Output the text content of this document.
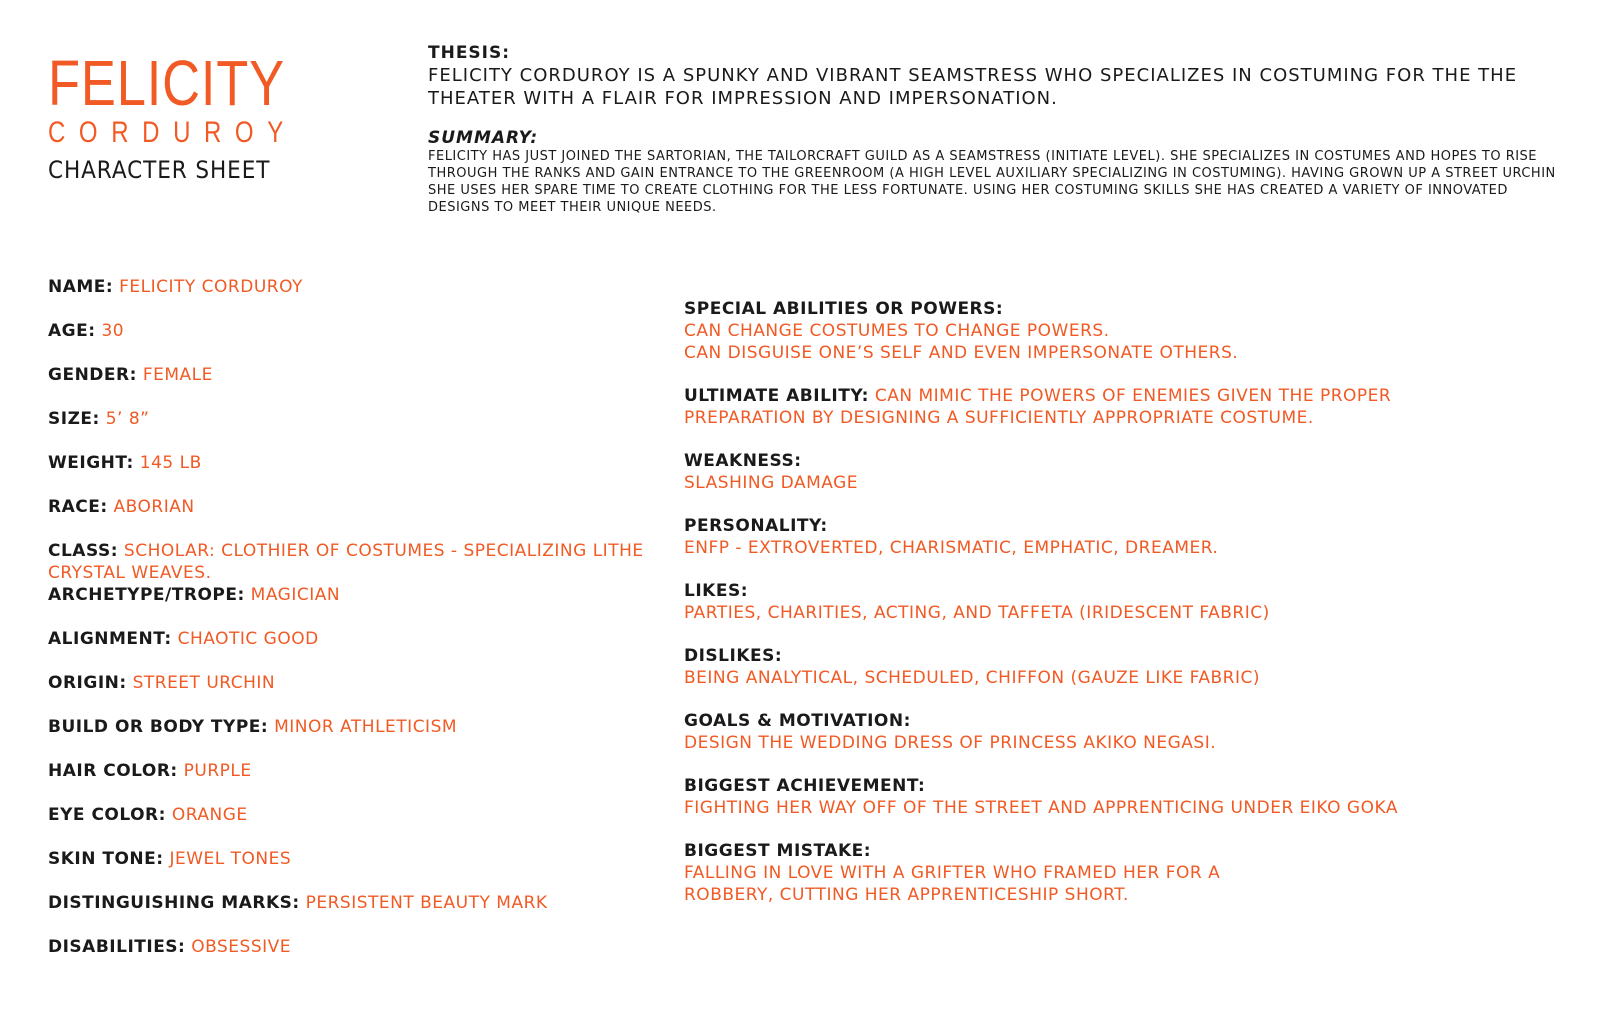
FELICITY
CORDUROY
CHARACTER SHEET
THESIS:
FELICITY CORDUROY IS A SPUNKY AND VIBRANT SEAMSTRESS WHO SPECIALIZES IN COSTUMING FOR THE THE THEATER WITH A FLAIR FOR IMPRESSION AND IMPERSONATION.
SUMMARY:
FELICITY HAS JUST JOINED THE SARTORIAN, THE TAILORCRAFT GUILD AS A SEAMSTRESS (INITIATE LEVEL). SHE SPECIALIZES IN COSTUMES AND HOPES TO RISE THROUGH THE RANKS AND GAIN ENTRANCE TO THE GREENROOM (A HIGH LEVEL AUXILIARY SPECIALIZING IN COSTUMING). HAVING GROWN UP A STREET URCHIN SHE USES HER SPARE TIME TO CREATE CLOTHING FOR THE LESS FORTUNATE. USING HER COSTUMING SKILLS SHE HAS CREATED A VARIETY OF INNOVATED DESIGNS TO MEET THEIR UNIQUE NEEDS.
NAME: FELICITY CORDUROY
AGE: 30
GENDER: FEMALE
SIZE: 5’ 8”
WEIGHT: 145 LB
RACE: ABORIAN
CLASS: SCHOLAR: CLOTHIER OF COSTUMES - SPECIALIZING LITHE CRYSTAL WEAVES.
ARCHETYPE/TROPE: MAGICIAN
ALIGNMENT: CHAOTIC GOOD
ORIGIN: STREET URCHIN
BUILD OR BODY TYPE: MINOR ATHLETICISM
HAIR COLOR: PURPLE
EYE COLOR: ORANGE
SKIN TONE: JEWEL TONES
DISTINGUISHING MARKS: PERSISTENT BEAUTY MARK
DISABILITIES: OBSESSIVE
SPECIAL ABILITIES OR POWERS:
CAN CHANGE COSTUMES TO CHANGE POWERS.
CAN DISGUISE ONE’S SELF AND EVEN IMPERSONATE OTHERS.
ULTIMATE ABILITY: CAN MIMIC THE POWERS OF ENEMIES GIVEN THE PROPER
PREPARATION BY DESIGNING A SUFFICIENTLY APPROPRIATE COSTUME.
WEAKNESS:
SLASHING DAMAGE
PERSONALITY:
ENFP - EXTROVERTED, CHARISMATIC, EMPHATIC, DREAMER.
LIKES:
PARTIES, CHARITIES, ACTING, AND TAFFETA (IRIDESCENT FABRIC)
DISLIKES:
BEING ANALYTICAL, SCHEDULED, CHIFFON (GAUZE LIKE FABRIC)
GOALS & MOTIVATION:
DESIGN THE WEDDING DRESS OF PRINCESS AKIKO NEGASI.
BIGGEST ACHIEVEMENT:
FIGHTING HER WAY OFF OF THE STREET AND APPRENTICING UNDER EIKO GOKA
BIGGEST MISTAKE:
FALLING IN LOVE WITH A GRIFTER WHO FRAMED HER FOR A
ROBBERY, CUTTING HER APPRENTICESHIP SHORT.
